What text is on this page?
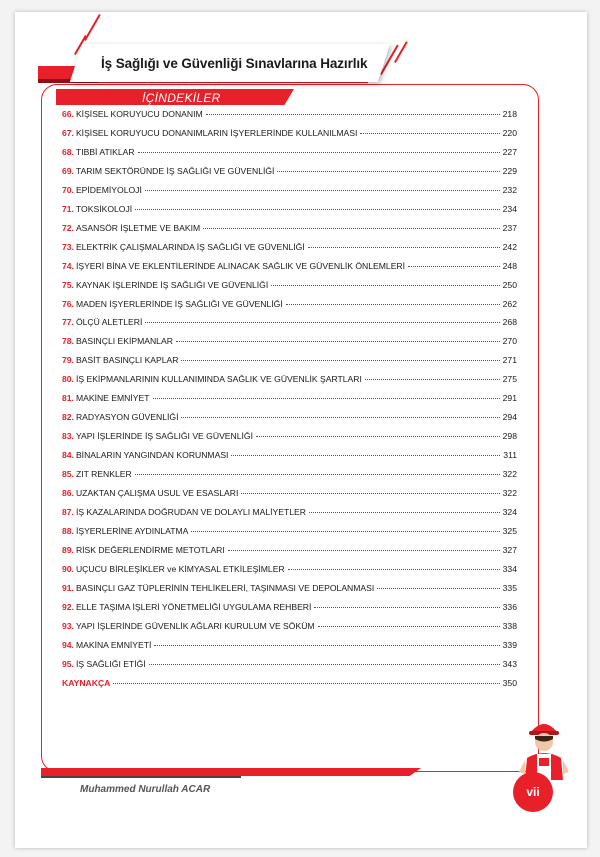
İş Sağlığı ve Güvenliği Sınavlarına Hazırlık
İÇİNDEKİLER
66. KİŞİSEL KORUYUCU DONANIM	218
67. KİŞİSEL KORUYUCU DONANIMLARIN İŞYERLERİNDE KULLANILMASI	220
68. TIBBİ ATIKLAR	227
69. TARIM SEKTÖRÜNDE İŞ SAĞLIĞI VE GÜVENLİĞİ	229
70. EPİDEMİYOLOJİ	232
71. TOKSİKOLOJİ	234
72. ASANSÖR İŞLETME VE BAKIM	237
73. ELEKTRİK ÇALIŞMALARINDA İŞ SAĞLIĞI VE GÜVENLİĞİ	242
74. İŞYERİ BİNA VE EKLENTİLERİNDE ALINACAK SAĞLIK VE GÜVENLİK ÖNLEMLERİ	248
75. KAYNAK İŞLERİNDE İŞ SAĞLIĞI VE GÜVENLİĞİ	250
76. MADEN İŞYERLERİNDE İŞ SAĞLIĞI VE GÜVENLİĞİ	262
77. ÖLÇÜ ALETLERİ	268
78. BASINÇLI EKİPMANLAR	270
79. BASİT BASINÇLI KAPLAR	271
80. İŞ EKİPMANLARININ KULLANIMINDA SAĞLIK VE GÜVENLİK ŞARTLARI	275
81. MAKİNE EMNİYET	291
82. RADYASYON GÜVENLİĞİ	294
83. YAPI İŞLERİNDE İŞ SAĞLIĞI VE GÜVENLİĞİ	298
84. BİNALARIN YANGINDAN KORUNMASI	311
85. ZIT RENKLER	322
86. UZAKTAN ÇALIŞMA USUL VE ESASLARI	322
87. İŞ KAZALARINDA DOĞRUDAN VE DOLAYLI MALİYETLER	324
88. İŞYERLERİNE AYDINLATMA	325
89. RİSK DEĞERLENDİRME METOTLARI	327
90. UÇUCU BİRLEŞİKLER ve KİMYASAL ETKİLEŞİMLER	334
91. BASINÇLI GAZ TÜPLERİNİN TEHLİKELERİ, TAŞINMASI VE DEPOLANMASI	335
92. ELLE TAŞIMA İŞLERİ YÖNETMELİĞİ UYGULAMA REHBERİ	336
93. YAPI İŞLERİNDE GÜVENLİK AĞLARI KURULUM VE SÖKÜM	338
94. MAKİNA EMNİYETİ	339
95. İŞ SAĞLIĞI ETİĞİ	343
KAYNAKÇA	350
Muhammed Nurullah ACAR	vii
